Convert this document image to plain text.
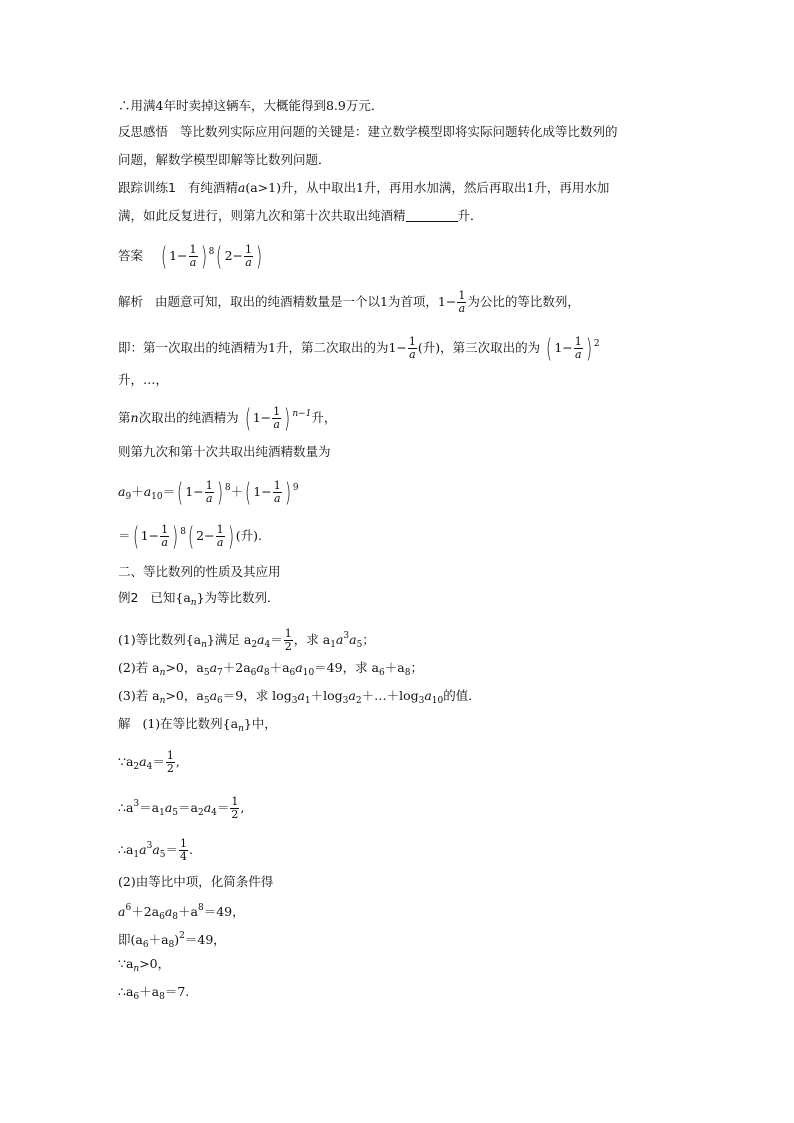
∴用满4年时卖掉这辆车，大概能得到8.9万元．
反思感悟 等比数列实际应用问题的关键是：建立数学模型即将实际问题转化成等比数列的
问题，解数学模型即解等比数列问题．
跟踪训练1 有纯酒精a(a>1)升，从中取出1升，再用水加满，然后再取出1升，再用水加
满，如此反复进行，则第九次和第十次共取出纯酒精	升．
答案 ( $1- \frac{1}{a}$ ) $^8$( $2- \frac{1}{a}$ )
解析 由题意可知，取出的纯酒精数量是一个以1为首项，$1- \frac{1}{a}$ 为公比的等比数列，
即：第一次取出的纯酒精为1升，第二次取出的为$1- \frac{1}{a}$ (升)，第三次取出的为 ( $1- \frac{1}{a}$ ) $^2$
升，…，
第n次取出的纯酒精为 ( $1- \frac{1}{a}$ ) $^{n-1}$升，
则第九次和第十次共取出纯酒精数量为
$a_9+a_{10}=$( $1- \frac{1}{a}$ ) $^8$＋( $1- \frac{1}{a}$ ) $^9$
＝( $1- \frac{1}{a}$ ) $^8$( $2- \frac{1}{a}$ ) (升).
二、等比数列的性质及其应用
例2 已知$\{a_n\}$为等比数列．
(1)等比数列$\{a_n\}$满足 $a_2a_4= \frac{1}{2}$ ，求 $a_1a^3a_5$；
(2)若 $a_n>0$，$a_5a_7+2a_6a_8+a_6a_{10}=49$，求 $a_6+a_8$；
(3)若 $a_n>0$，$a_5a_6=9$，求 $\log_3a_1+\log_3a_2+\dots+\log_3a_{10}$的值．
解 (1)在等比数列$\{a_n\}$中，
$\because a_2a_4= \frac{1}{2}$ ,
$\therefore a^3=a_1a_5=a_2a_4= \frac{1}{2}$ ,
$\therefore a_1a^3a_5= \frac{1}{4}$ .
(2)由等比中项，化简条件得
$a^6+2a_6a_8+a^8=49$，
即$(a_6+a_8)^2=49$，
$\because a_n>0$，
$\therefore a_6+a_8=7$.
